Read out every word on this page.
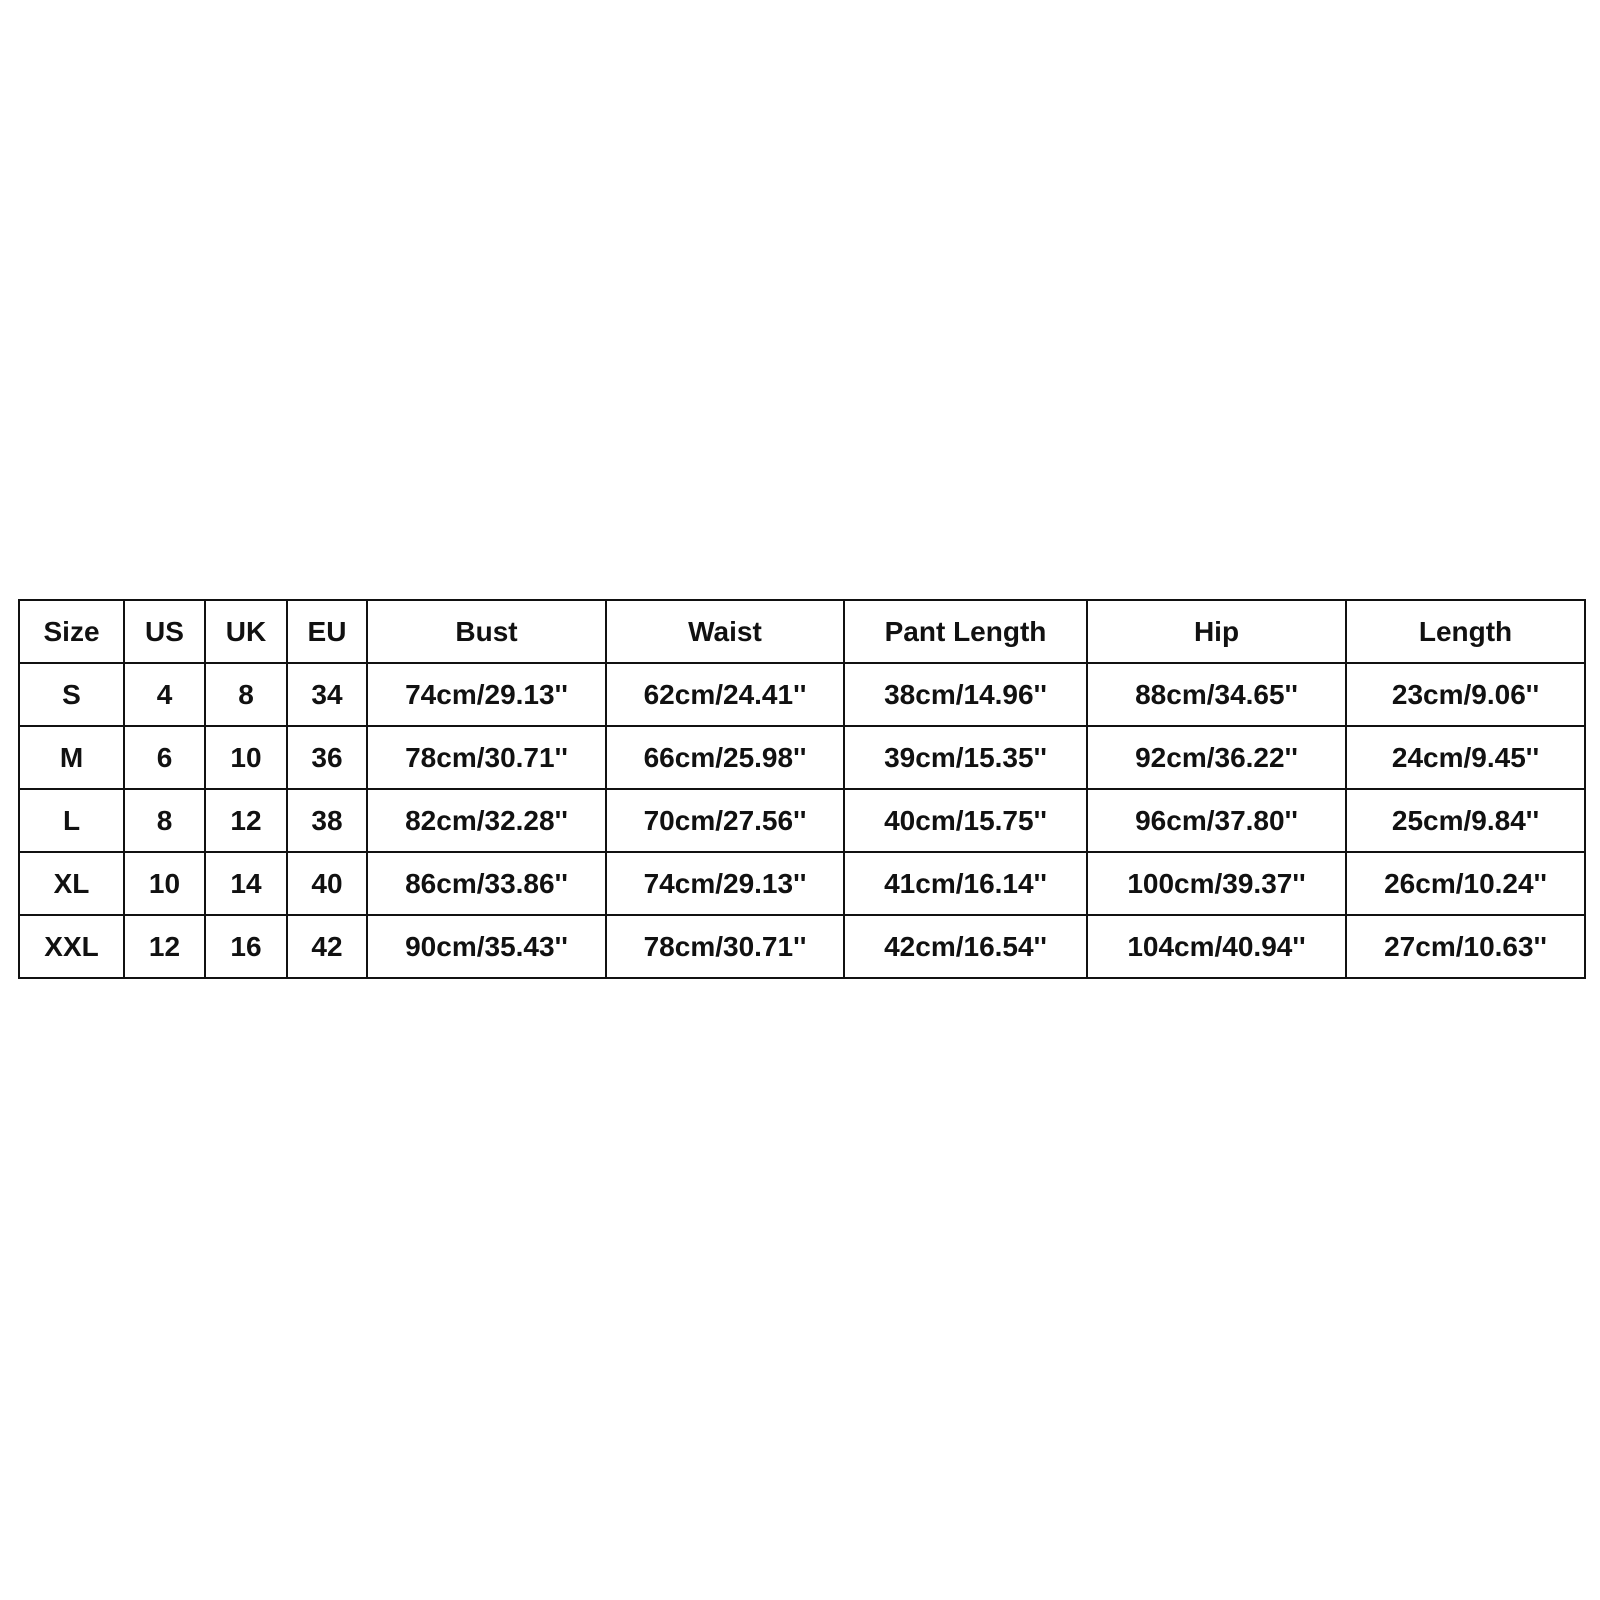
Size	US	UK	EU	Bust	Waist	Pant Length	Hip	Length
S	4	8	34	74cm/29.13''	62cm/24.41''	38cm/14.96''	88cm/34.65''	23cm/9.06''
M	6	10	36	78cm/30.71''	66cm/25.98''	39cm/15.35''	92cm/36.22''	24cm/9.45''
L	8	12	38	82cm/32.28''	70cm/27.56''	40cm/15.75''	96cm/37.80''	25cm/9.84''
XL	10	14	40	86cm/33.86''	74cm/29.13''	41cm/16.14''	100cm/39.37''	26cm/10.24''
XXL	12	16	42	90cm/35.43''	78cm/30.71''	42cm/16.54''	104cm/40.94''	27cm/10.63''
